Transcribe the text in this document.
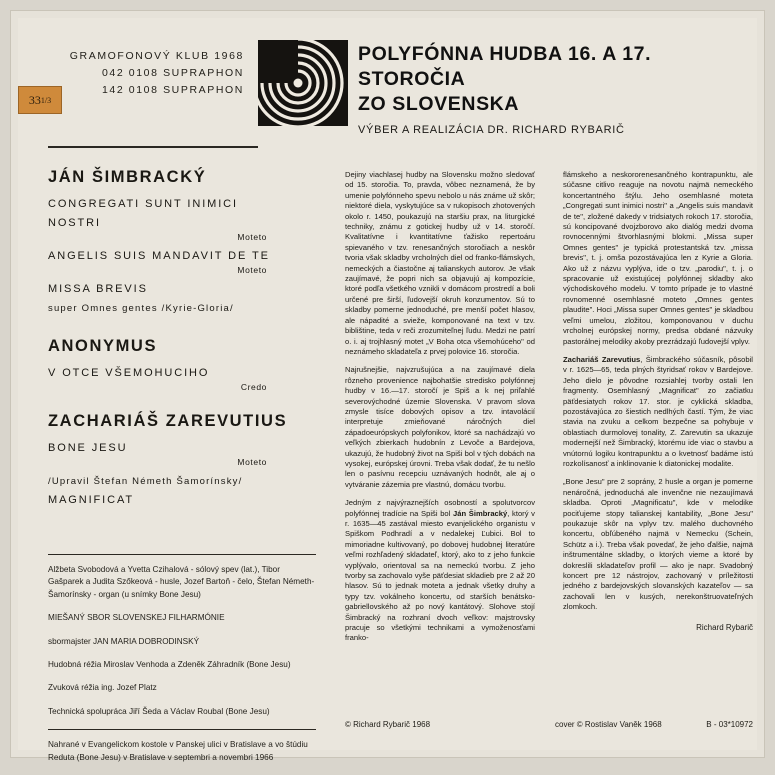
33 1/3
GRAMOFONOVÝ KLUB 1968
042 0108 SUPRAPHON
142 0108 SUPRAPHON
POLYFÓNNA HUDBA 16. A 17. STOROČIA
ZO SLOVENSKA
VÝBER A REALIZÁCIA DR. RICHARD RYBARIČ
JÁN ŠIMBRACKÝ
CONGREGATI SUNT INIMICI
NOSTRI
Moteto
ANGELIS SUIS MANDAVIT DE TE
Moteto
MISSA BREVIS
super Omnes gentes /Kyrie-Gloria/
ANONYMUS
V OTCE VŠEMOHUCIHO
Credo
ZACHARIÁŠ ZAREVUTIUS
BONE JESU
Moteto
/Upravil Štefan Németh Šamorínsky/
MAGNIFICAT

Alžbeta Svobodová a Yvetta Czihalová - sólový spev (lat.), Tibor Gašparek a Judita Szőkeová - husle, Jozef Bartoň - čelo, Štefan Németh-Šamorínsky - organ (u snímky Bone Jesu)

MIEŠANÝ SBOR SLOVENSKEJ FILHARMÓNIE

sbormajster JAN MARIA DOBRODINSKÝ

Hudobná réžia Miroslav Venhoda a Zdeněk Záhradník (Bone Jesu)

Zvuková réžia ing. Jozef Platz

Technická spolupráca Jiří Šeda a Václav Roubal (Bone Jesu)

Nahrané v Evangelickom kostole v Panskej ulici v Bratislave a vo štúdiu Reduta (Bone Jesu) v Bratislave v septembri a novembri 1966

Dejiny viachlasej hudby na Slovensku možno sledovať od 15. storočia. To, pravda, vôbec neznamená, že by umenie polyfónneho spevu nebolo u nás známe už skôr; niektoré diela, vyskytujúce sa v rukopisoch zhotovených okolo r. 1450, poukazujú na staršiu prax, na liturgické techniky, známu z gotickej hudby už v 14. storočí. Kvalitatívne i kvantitatívne ťažisko repertoáru spievaného v tzv. renesančných storočiach a neskôr tvoria však skladby vrcholných diel od franko-flámskych, nemeckých a čiastočne aj talianskych autorov. Je však zaujímavé, že popri nich sa objavujú aj kompozície, ktoré podľa všetkého vznikli v domácom prostredí a boli určené pre širší, ľudovejší okruh konzumentov. Sú to skladby pomerne jednoduché, pre menší počet hlasov, ale nápadité a svieže, komponované na text v tzv. biblištine, teda v reči zrozumiteľnej ľudu. Medzi ne patrí o. i. aj trojhlasný motet „V Boha otca všemohúceho" od neznámeho skladateľa z prvej polovice 16. storočia.

Najrušnejšie, najvzrušujúca a na zaujímavé diela rôzneho provenience najbohatšie stredisko polyfónnej hudby v 16.—17. storočí je Spiš a k nej priľahlé severovýchodné územie Slovenska. V pravom slova zmysle tisíce dobových opisov a tzv. intavolácií interpretuje zmieňované náročných diel západoeurópskych polyfonikov, ktoré sa nachádzajú vo veľkých zbierkach hudobnín z Levoče a Bardejova, ukazujú, že hudobný život na Spiši bol v tých dobách na vysokej, európskej úrovni. Treba však dodať, že tu nešlo len o pasívnu recepciu uznávaných hodnôt, ale aj o vytváranie zázemia pre vlastnú, domácu tvorbu.

Jedným z najvýraznejších osobností a spolutvorcov polyfónnej tradície na Spiši bol Ján Šimbracký, ktorý v r. 1635—45 zastával miesto evanjelického organistu v Spiškom Podhradí a v nedalekej Ľubici. Bol to mimoriadne kultivovaný, po dobovej hudobnej literatúre veľmi rozhľadený skladateľ, ktorý, ako to z jeho funkcie vyplývalo, orientoval sa na nemeckú tvorbu. Z jeho tvorby sa zachovalo vyše päťdesiat skladieb pre 2 až 20 hlasov. Sú to jednak moteta a jednak všetky druhy a typy tzv. vokálneho koncertu, od starších benátsko-gabriellovského až po nový kantátový. Slohove stojí Šimbracký na rozhraní dvoch veľkov: majstrovsky pracuje so všetkými technikami a vymoženosťami franko-

flámskeho a neskororenesančného kontrapunktu, ale súčasne citlivo reaguje na novotu najmä nemeckého koncertantného štýlu. Jeho osemhlasné moteta „Congregati sunt inimici nostri" a „Angelis suis mandavit de te", zložené dakedy v tridsiatych rokoch 17. storočia, sú koncipované dvojzborovo ako dialóg medzi dvoma rovnocennými štvorhlasnými blokmi. „Missa super Omnes gentes" je typická protestantská tzv. „missa brevis", t. j. omša pozostávajúca len z Kyrie a Gloria. Ako už z názvu vyplýva, ide o tzv. „parodiu", t. j. o spracovanie už existujúcej polyfónnej skladby ako východiskového modelu. V tomto prípade je to vlastné rovnomenné osemhlasné moteto „Omnes gentes plaudite". Hoci „Missa super Omnes gentes" je skladbou veľmi umelou, zložitou, komponovanou v duchu vrcholnej európskej normy, predsa obdané názvuky pastorálnej melodiky akoby prezrádzajú ľudovejší vplyv.

Zachariáš Zarevutius, Šimbrackého súčasník, pôsobil v r. 1625—65, teda plných štyridsať rokov v Bardejove. Jeho dielo je pôvodne rozsiahlej tvorby ostali len fragmenty. Osemhlasný „Magnificat" zo začiatku päťdesiatych rokov 17. stor. je cyklická skladba, pozostávajúca zo šiestich nedlhých častí. Tým, že viac stavia na zvuku a celkom bezpečne sa pohybuje v oblastiach durmolovej tonality, Z. Zarevutin sa ukazuje modernejší než Šimbracký, ktorému ide viac o stavbu a vnútornú logiku kontrapunktu a o kvetnosť badáme istú rozkolísanosť a inklinovanie k diatonickej modalite.

„Bone Jesu" pre 2 soprány, 2 husle a organ je pomerne nenáročná, jednoduchá ale invenčne nie nezaujímavá skladba. Oproti „Magnificatu", kde v melodike pociťujeme stopy talianskej kantability, „Bone Jesu" poukazuje skôr na vplyv tzv. malého duchovného koncertu, obľúbeného najmä v Nemecku (Schein, Schütz a i.). Treba však povedať, že jeho ďalšie, najmä inštrumentálne skladby, o ktorých vieme a ktoré by dokreslili skladateľov profil — ako je napr. Svadobný koncert pre 12 nástrojov, zachovaný v príležitosti jedného z bardejovských slovanských kazateľov — sa zachovali len v kusých, nerekonštruovateľných zlomkoch.

Richard Rybarič
© Richard Rybarič 1968	cover © Rostislav Vaněk 1968	B - 03*10972
